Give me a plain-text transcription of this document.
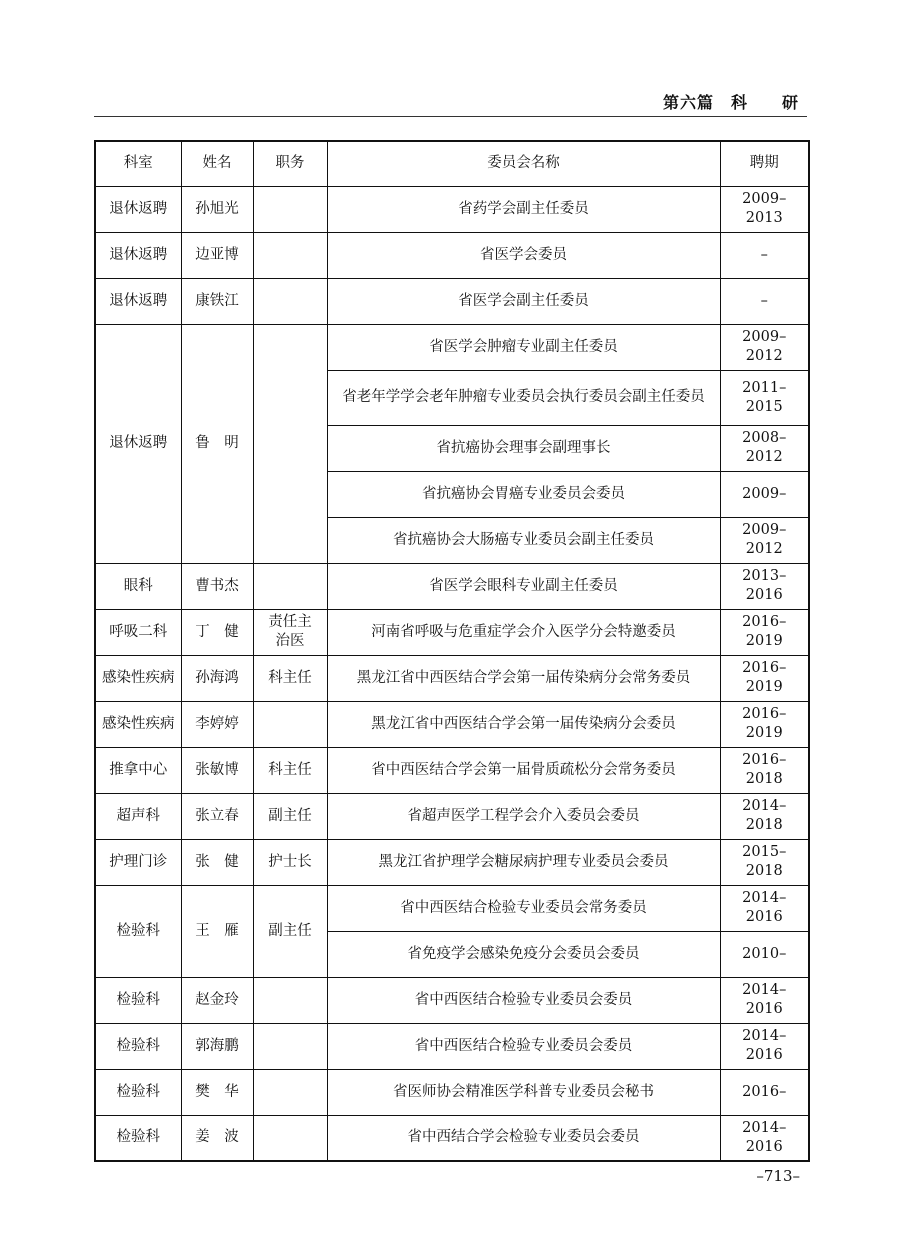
第六篇　科　　研
科室	姓名	职务	委员会名称	聘期
退休返聘	孙旭光		省药学会副主任委员	2009–2013
退休返聘	边亚博		省医学会委员	–
退休返聘	康铁江		省医学会副主任委员	–
退休返聘	鲁　明		省医学会肿瘤专业副主任委员	2009–2012
			省老年学学会老年肿瘤专业委员会执行委员会副主任委员	2011–2015
			省抗癌协会理事会副理事长	2008–2012
			省抗癌协会胃癌专业委员会委员	2009–
			省抗癌协会大肠癌专业委员会副主任委员	2009–2012
眼科	曹书杰		省医学会眼科专业副主任委员	2013–2016
呼吸二科	丁　健	责任主治医	河南省呼吸与危重症学会介入医学分会特邀委员	2016–2019
感染性疾病	孙海鸿	科主任	黑龙江省中西医结合学会第一届传染病分会常务委员	2016–2019
感染性疾病	李婷婷		黑龙江省中西医结合学会第一届传染病分会委员	2016–2019
推拿中心	张敏博	科主任	省中西医结合学会第一届骨质疏松分会常务委员	2016–2018
超声科	张立春	副主任	省超声医学工程学会介入委员会委员	2014–2018
护理门诊	张　健	护士长	黑龙江省护理学会糖尿病护理专业委员会委员	2015–2018
检验科	王　雁	副主任	省中西医结合检验专业委员会常务委员	2014–2016
			省免疫学会感染免疫分会委员会委员	2010–
检验科	赵金玲		省中西医结合检验专业委员会委员	2014–2016
检验科	郭海鹏		省中西医结合检验专业委员会委员	2014–2016
检验科	樊　华		省医师协会精准医学科普专业委员会秘书	2016–
检验科	姜　波		省中西结合学会检验专业委员会委员	2014–2016
–713–
